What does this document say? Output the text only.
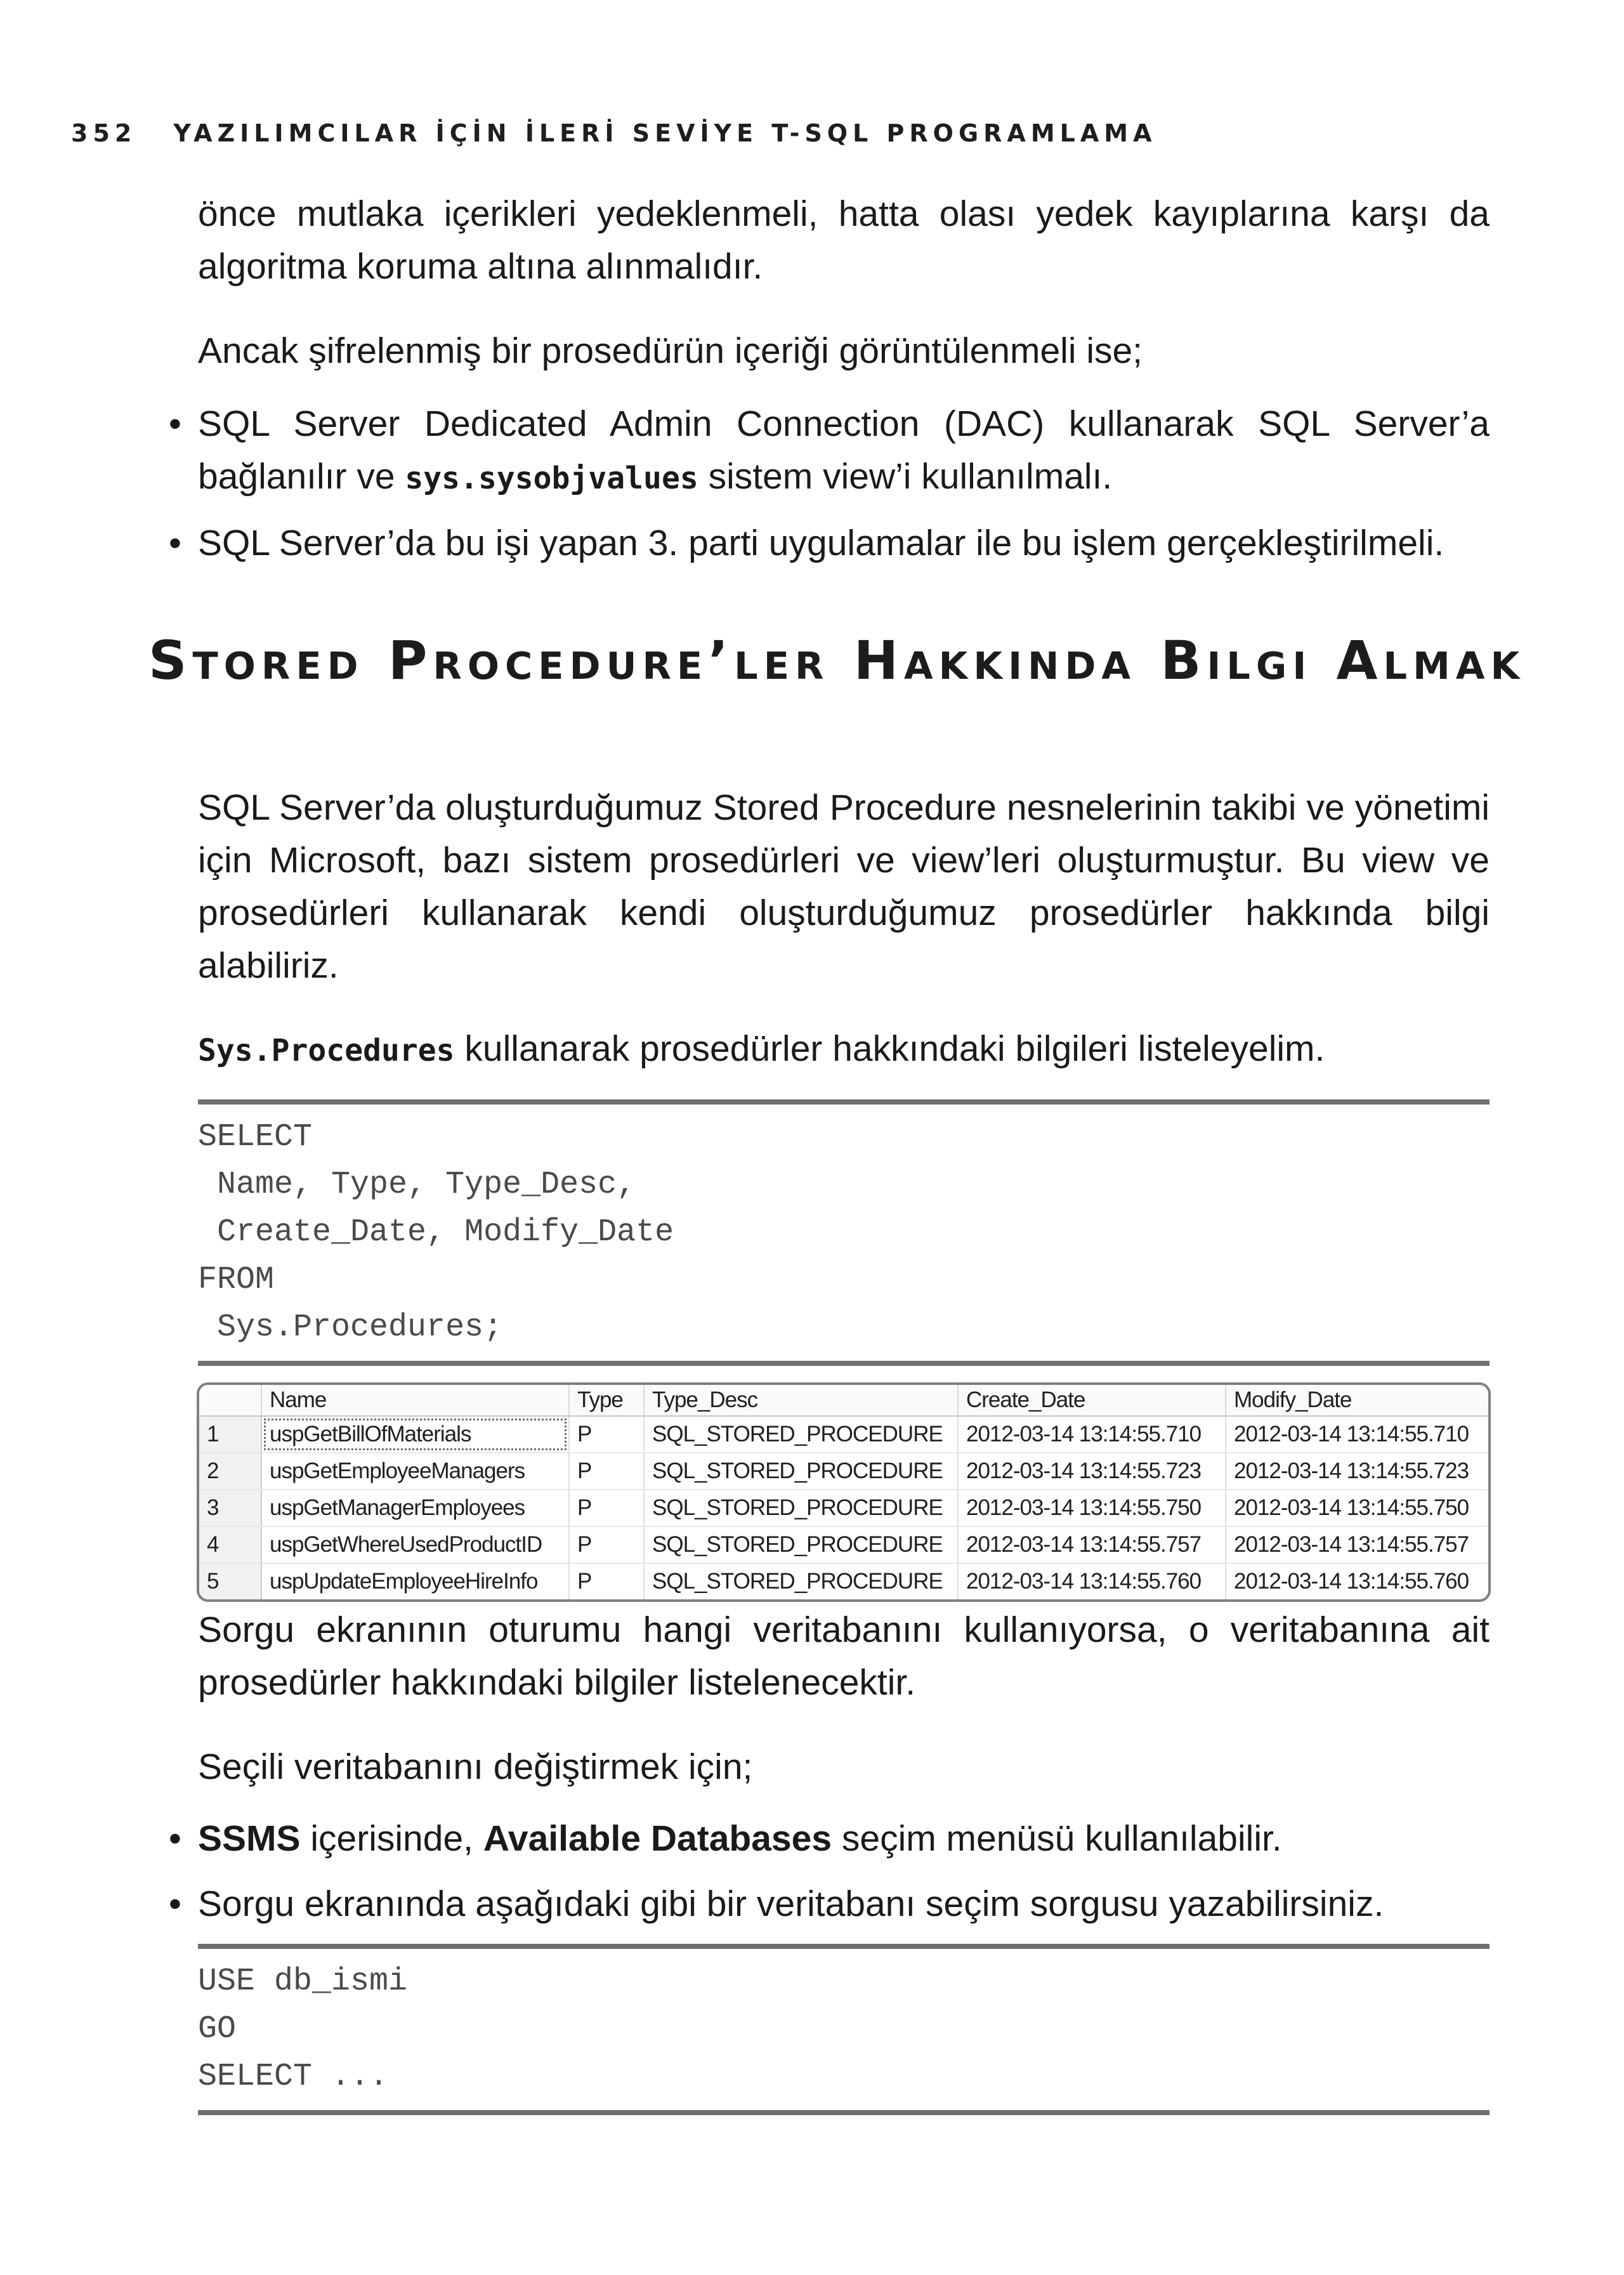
352 YAZILIMCILAR İÇİN İLERİ SEVİYE T-SQL PROGRAMLAMA

önce mutlaka içerikleri yedeklenmeli, hatta olası yedek kayıplarına karşı da algoritma koruma altına alınmalıdır.

Ancak şifrelenmiş bir prosedürün içeriği görüntülenmeli ise;

• SQL Server Dedicated Admin Connection (DAC) kullanarak SQL Server’a bağlanılır ve sys.sysobjvalues sistem view’i kullanılmalı.

• SQL Server’da bu işi yapan 3. parti uygulamalar ile bu işlem gerçekleştirilmeli.

Stored Procedure’ler Hakkında Bilgi Almak

SQL Server’da oluşturduğumuz Stored Procedure nesnelerinin takibi ve yönetimi için Microsoft, bazı sistem prosedürleri ve view’leri oluşturmuştur. Bu view ve prosedürleri kullanarak kendi oluşturduğumuz prosedürler hakkında bilgi alabiliriz.

Sys.Procedures kullanarak prosedürler hakkındaki bilgileri listeleyelim.

SELECT
Name, Type, Type_Desc,
Create_Date, Modify_Date
FROM
Sys.Procedures;
	Name	Type	Type_Desc	Create_Date	Modify_Date
1	uspGetBillOfMaterials	P	SQL_STORED_PROCEDURE	2012-03-14 13:14:55.710	2012-03-14 13:14:55.710
2	uspGetEmployeeManagers	P	SQL_STORED_PROCEDURE	2012-03-14 13:14:55.723	2012-03-14 13:14:55.723
3	uspGetManagerEmployees	P	SQL_STORED_PROCEDURE	2012-03-14 13:14:55.750	2012-03-14 13:14:55.750
4	uspGetWhereUsedProductID	P	SQL_STORED_PROCEDURE	2012-03-14 13:14:55.757	2012-03-14 13:14:55.757
5	uspUpdateEmployeeHireInfo	P	SQL_STORED_PROCEDURE	2012-03-14 13:14:55.760	2012-03-14 13:14:55.760

Sorgu ekranının oturumu hangi veritabanını kullanıyorsa, o veritabanına ait prosedürler hakkındaki bilgiler listelenecektir.

Seçili veritabanını değiştirmek için;

• SSMS içerisinde, Available Databases seçim menüsü kullanılabilir.

• Sorgu ekranında aşağıdaki gibi bir veritabanı seçim sorgusu yazabilirsiniz.

USE db_ismi
GO
SELECT ...
